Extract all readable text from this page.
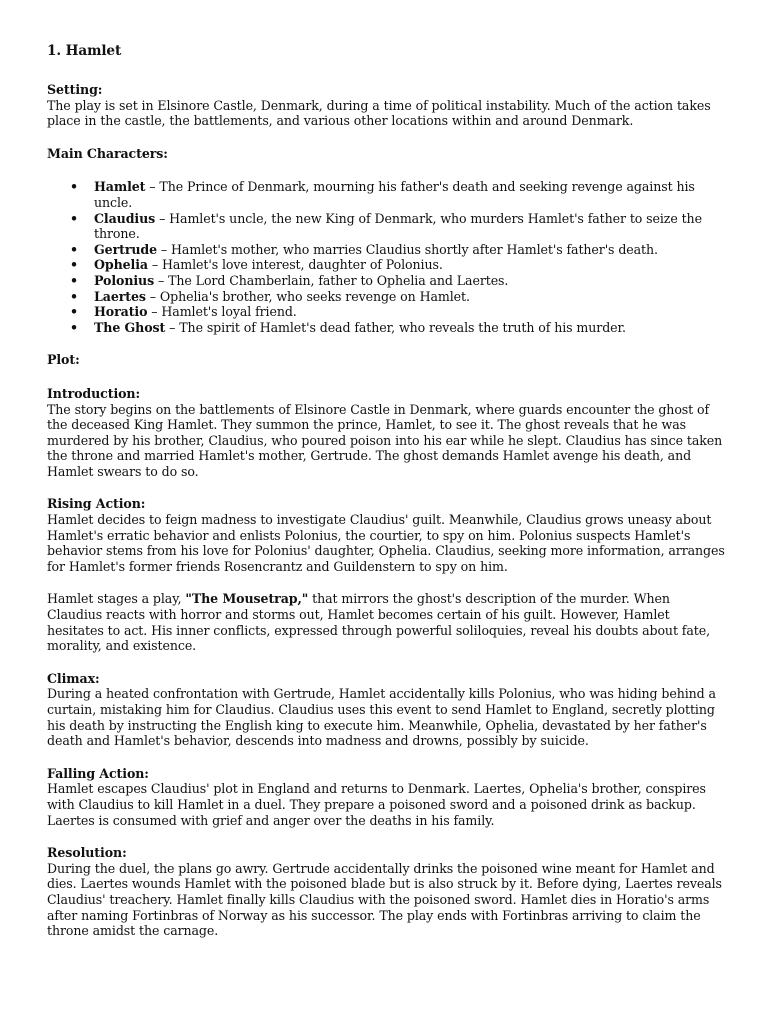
1. Hamlet
Setting:

The play is set in Elsinore Castle, Denmark, during a time of political instability. Much of the action takes place in the castle, the battlements, and various other locations within and around Denmark.

Main Characters:
• Hamlet – The Prince of Denmark, mourning his father's death and seeking revenge against his uncle.
• Claudius – Hamlet's uncle, the new King of Denmark, who murders Hamlet's father to seize the throne.
• Gertrude – Hamlet's mother, who marries Claudius shortly after Hamlet's father's death.
• Ophelia – Hamlet's love interest, daughter of Polonius.
• Polonius – The Lord Chamberlain, father to Ophelia and Laertes.
• Laertes – Ophelia's brother, who seeks revenge on Hamlet.
• Horatio – Hamlet's loyal friend.
• The Ghost – The spirit of Hamlet's dead father, who reveals the truth of his murder.
Plot:
Introduction:

The story begins on the battlements of Elsinore Castle in Denmark, where guards encounter the ghost of the deceased King Hamlet. They summon the prince, Hamlet, to see it. The ghost reveals that he was murdered by his brother, Claudius, who poured poison into his ear while he slept. Claudius has since taken the throne and married Hamlet's mother, Gertrude. The ghost demands Hamlet avenge his death, and Hamlet swears to do so.

Rising Action:

Hamlet decides to feign madness to investigate Claudius' guilt. Meanwhile, Claudius grows uneasy about Hamlet's erratic behavior and enlists Polonius, the courtier, to spy on him. Polonius suspects Hamlet's behavior stems from his love for Polonius' daughter, Ophelia. Claudius, seeking more information, arranges for Hamlet's former friends Rosencrantz and Guildenstern to spy on him.

Hamlet stages a play, "The Mousetrap," that mirrors the ghost's description of the murder. When Claudius reacts with horror and storms out, Hamlet becomes certain of his guilt. However, Hamlet hesitates to act. His inner conflicts, expressed through powerful soliloquies, reveal his doubts about fate, morality, and existence.

Climax:

During a heated confrontation with Gertrude, Hamlet accidentally kills Polonius, who was hiding behind a curtain, mistaking him for Claudius. Claudius uses this event to send Hamlet to England, secretly plotting his death by instructing the English king to execute him. Meanwhile, Ophelia, devastated by her father's death and Hamlet's behavior, descends into madness and drowns, possibly by suicide.

Falling Action:

Hamlet escapes Claudius' plot in England and returns to Denmark. Laertes, Ophelia's brother, conspires with Claudius to kill Hamlet in a duel. They prepare a poisoned sword and a poisoned drink as backup. Laertes is consumed with grief and anger over the deaths in his family.

Resolution:

During the duel, the plans go awry. Gertrude accidentally drinks the poisoned wine meant for Hamlet and dies. Laertes wounds Hamlet with the poisoned blade but is also struck by it. Before dying, Laertes reveals Claudius' treachery. Hamlet finally kills Claudius with the poisoned sword. Hamlet dies in Horatio's arms after naming Fortinbras of Norway as his successor. The play ends with Fortinbras arriving to claim the throne amidst the carnage.
